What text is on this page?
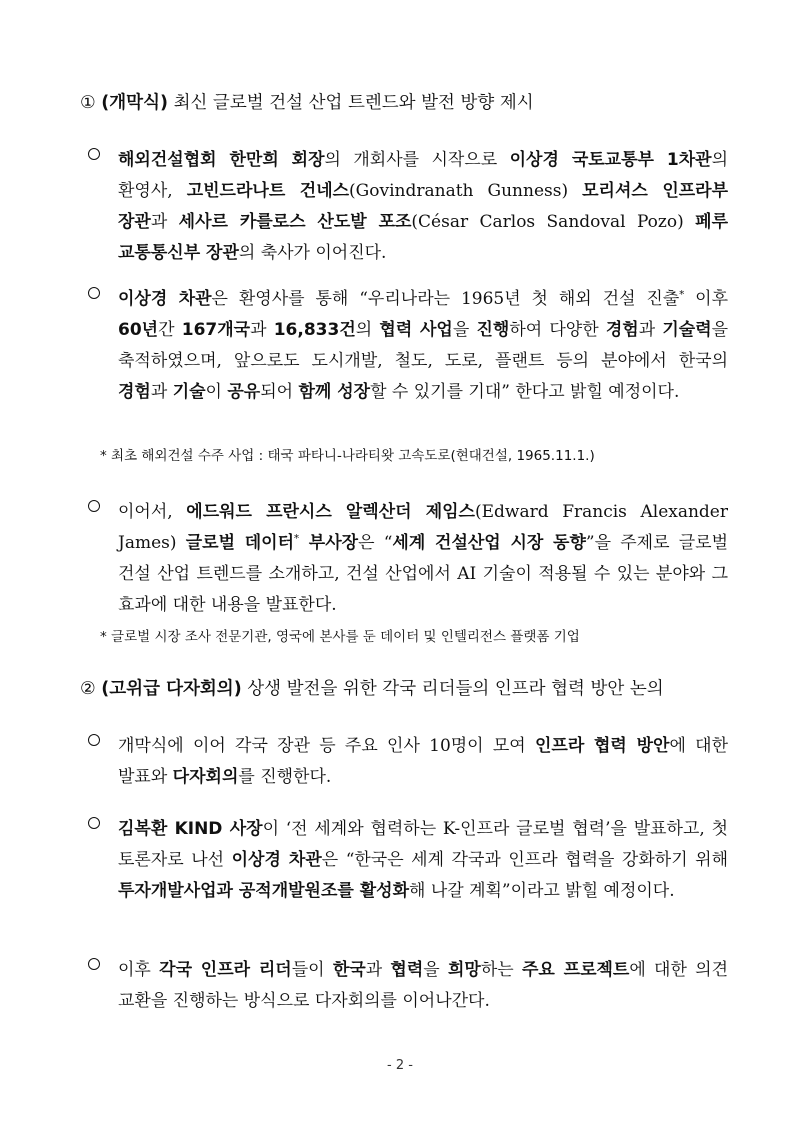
① (개막식) 최신 글로벌 건설 산업 트렌드와 발전 방향 제시

해외건설협회 한만희 회장의 개회사를 시작으로 이상경 국토교통부 1차관의 환영사, 고빈드라나트 건네스(Govindranath Gunness) 모리셔스 인프라부 장관과 세사르 카를로스 산도발 포조(César Carlos Sandoval Pozo) 페루 교통통신부 장관의 축사가 이어진다.

이상경 차관은 환영사를 통해 “우리나라는 1965년 첫 해외 건설 진출* 이후 60년간 167개국과 16,833건의 협력 사업을 진행하여 다양한 경험과 기술력을 축적하였으며, 앞으로도 도시개발, 철도, 도로, 플랜트 등의 분야에서 한국의 경험과 기술이 공유되어 함께 성장할 수 있기를 기대” 한다고 밝힐 예정이다.

* 최초 해외건설 수주 사업 : 태국 파타니-나라티왓 고속도로(현대건설, 1965.11.1.)

이어서, 에드워드 프란시스 알렉산더 제임스(Edward Francis Alexander James) 글로벌 데이터* 부사장은 “세계 건설산업 시장 동향”을 주제로 글로벌 건설 산업 트렌드를 소개하고, 건설 산업에서 AI 기술이 적용될 수 있는 분야와 그 효과에 대한 내용을 발표한다.

* 글로벌 시장 조사 전문기관, 영국에 본사를 둔 데이터 및 인텔리전스 플랫폼 기업
② (고위급 다자회의) 상생 발전을 위한 각국 리더들의 인프라 협력 방안 논의

개막식에 이어 각국 장관 등 주요 인사 10명이 모여 인프라 협력 방안에 대한 발표와 다자회의를 진행한다.

김복환 KIND 사장이 ‘전 세계와 협력하는 K-인프라 글로벌 협력’을 발표하고, 첫 토론자로 나선 이상경 차관은 “한국은 세계 각국과 인프라 협력을 강화하기 위해 투자개발사업과 공적개발원조를 활성화해 나갈 계획”이라고 밝힐 예정이다.

이후 각국 인프라 리더들이 한국과 협력을 희망하는 주요 프로젝트에 대한 의견 교환을 진행하는 방식으로 다자회의를 이어나간다.

- 2 -
